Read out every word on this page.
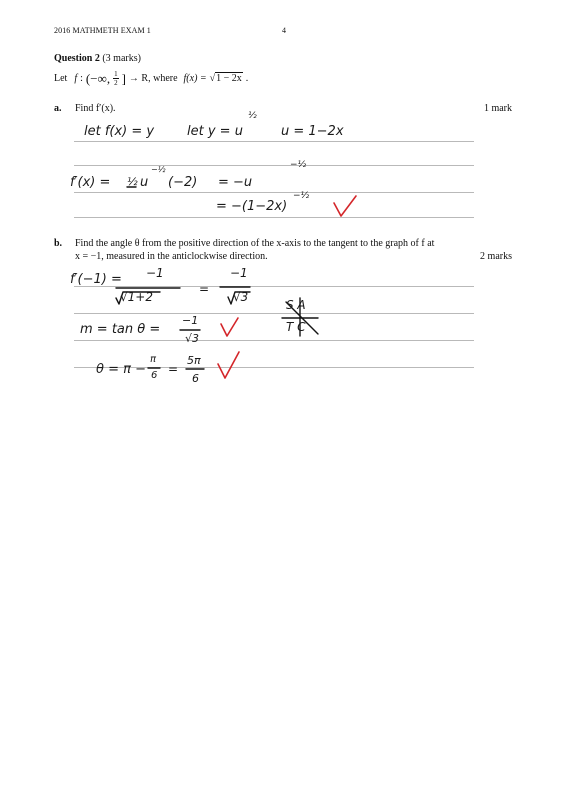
2016 MATHMETH EXAM 1	4
Question 2 (3 marks)
Let f : (−∞, $\frac{1}{2}$ ] → R, where f(x) = √1 − 2x .
a. Find f′(x).	1 mark
let f(x) = y	let y = u
½
u = 1−2x
f′(x) = ½ u
−½
(−2) = −u
−½
= −(1−2x)
−½
b. Find the angle θ from the positive direction of the x-axis to the tangent to the graph of f at
x = −1, measured in the anticlockwise direction.	2 marks
f′(−1) = −1
√1+2
=
−1
√3
m = tan θ =
−1
√3
S A
T C
θ = π −
π
6 =
5π
6
